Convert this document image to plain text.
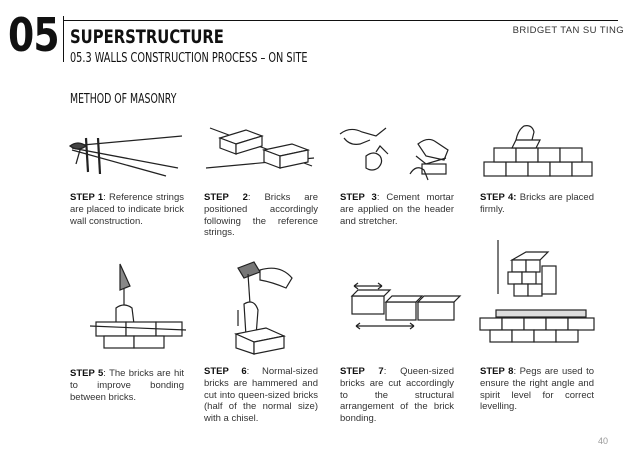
05	BRIDGET TAN SU TING
SUPERSTRUCTURE
05.3 WALLS CONSTRUCTION PROCESS – ON SITE
METHOD OF MASONRY
STEP 1: Reference strings are placed to indicate brick wall construction.
STEP 2: Bricks are positioned accordingly following the reference strings.
STEP 3: Cement mortar are applied on the header and stretcher.
STEP 4: Bricks are placed firmly.
STEP 5: The bricks are hit to improve bonding between bricks.
STEP 6: Normal-sized bricks are hammered and cut into queen-sized bricks (half of the normal size) with a chisel.
STEP 7: Queen-sized bricks are cut accordingly to the structural arrangement of the brick bonding.
STEP 8: Pegs are used to ensure the right angle and spirit level for correct levelling.
40
